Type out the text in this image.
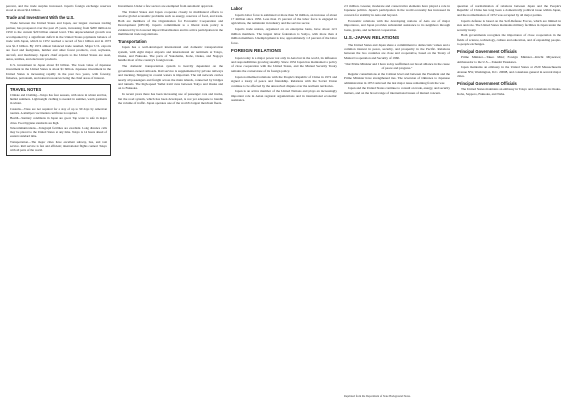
percent, and the trade surplus increased. Japan's foreign exchange reserves stood at about $14 billion.

Trade and Investment With the U.S.

Trade between the United States and Japan, our largest overseas trading partner, has prospered over the past 25 years, increasing from $200 million in 1950 to the current $20 billion annual level. This unprecedented growth was accompanied by a significant deficit in the United States payments balance of trade with Japan, which in 1972 reached a record of $4.1 billion and in 1973 was $1.3 billion. By 1974 almost balanced trade resulted. Major U.S. exports are food and feedgrains, lumber and other forest products, coal, soybeans, aircraft, and machinery. Japan's chief exports to the United States are steel, autos, textiles, and electronic products.

U.S. investment in Japan about $3 billion. The book value of Japanese investment in the United States is about $1 billion. Japanese investment in the United States is increasing rapidly in the past two years, with forestry, fisheries, petroleum, and natural resources being the chief areas of interest.

TRAVEL NOTES

Climate and Clothing—Tokyo has four seasons, with snow in winter and hot, humid summers. Lightweight clothing is needed in summer, warm garments in winter.

Customs—Visas are not required for a stay of up to 90 days by American tourists. A smallpox vaccination certificate is required.

Health—Sanitary conditions in Japan are good. Tap water is safe in major cities. Food hygiene standards are high.

Telecommunications—Telegraph facilities are excellent. Long distance calls may be placed to the United States at any time. Tokyo is 14 hours ahead of eastern standard time.

Transportation—The major cities have excellent subway, bus, and taxi service. Rail service is fast and efficient; international flights connect Tokyo with all parts of the world.

Investment. Under a few sectors are exempted from automatic approval.

The United States and Japan cooperate closely in multilateral efforts to resolve global economic problems such as energy, reserves of food, and trade. Both are members of the Organization for Economic Cooperation and Development (OECD). Japan's commitment to a liberal trade policy is evidenced by its lowered import liberalization and its active participation in the multilateral trade negotiations.

Transportation

Japan has a well-developed international and domestic transportation system, with eight major airports and international air terminals at Tokyo, Osaka, and Fukuoka. The ports of Yokohama, Kobe, Osaka, and Nagoya handle most of the country's foreign trade.

The domestic transportation system is heavily dependent on the government-owned railroads. Rail service is supplemented by private railways and trucking. Shipping in coastal waters is important. The rail network carries nearly all passengers and freight across the main islands, connected by bridges and tunnels. The high-speed 'bullet train' runs between Tokyo and Osaka and on to Fukuoka.

In recent years there has been increasing use of passenger cars and trucks, but the road system, which has been developed, is not yet adequate to handle the volume of traffic. Japan operates one of the world's largest merchant fleets.

Labor

Japan's labor force is estimated at more than 52 million, an increase of about 17 million since 1950. Less than 15 percent of the labor force is engaged in agriculture, the remainder in industry and the service sector.

Japan's trade unions, organized on an enterprise basis, have about 12.5 million members. The largest labor federation is Sohyo, with more than 4 million members. Unemployment is low, approximately 1.3 percent of the labor force.

FOREIGN RELATIONS

Japan today is a major power not only in Asia but in the world, its influence and responsibilities growing steadily. Since 1952 Japan has maintained a policy of close cooperation with the United States, and the Mutual Security Treaty remains the cornerstone of its foreign policy.

Japan normalized relations with the People's Republic of China in 1972 and signed a treaty of peace and friendship. Relations with the Soviet Union continue to be affected by the unresolved dispute over the northern territories.

Japan is an active member of the United Nations and plays an increasingly important role in Asian regional organizations and in international economic assistance.

2.5 million. Greater, moderate and conservative elements have played a role in Japanese politics. Japan's participation in the world economy has increased its concern for stability in Asia and beyond.

Economic relations with the developing nations of Asia are of major importance, and Japan provides substantial assistance to its neighbors through loans, grants, and technical cooperation.

U.S.-JAPAN RELATIONS

The United States and Japan share a commitment to democratic values and a common interest in peace, security, and prosperity in the Pacific. Relations between the two countries are close and cooperative, based on the Treaty of Mutual Cooperation and Security of 1960.

"Our Prime Minister and I have today reaffirmed our broad alliance in the cause of peace and progress."

Regular consultations at the Cabinet level and between the President and the Prime Minister have strengthened ties. The reversion of Okinawa to Japanese administration in 1972 removed the last major issue remaining from the war.

Japan and the United States continue to consult on trade, energy, and security matters, and on the broad range of international issues of mutual concern.

question of normalization of relations between Japan and the People's Republic of China has long been a domestically political issue within Japan, and the normalization of 1972 was accepted by all major parties.

Japan's defense is based on the Self-Defense Forces, which are limited in size and role. The United States maintains military facilities in Japan under the security treaty.

Both governments recognize the importance of close cooperation in the fields of science, technology, culture and education, and of expanding people-to-people exchanges.

Principal Government Officials

Prime Minister—Takeo Miki; Foreign Minister—Kiichi Miyazawa; Ambassador to the U.S.—Takeshi Yasukawa.

Japan maintains an embassy in the United States at 2520 Massachusetts Avenue NW, Washington, D.C. 20008, and consulates general in several major cities.

Principal Government Officials

The United States maintains an embassy in Tokyo and consulates in Osaka-Kobe, Sapporo, Fukuoka, and Naha.

Reprinted from the Department of State Background Notes.
